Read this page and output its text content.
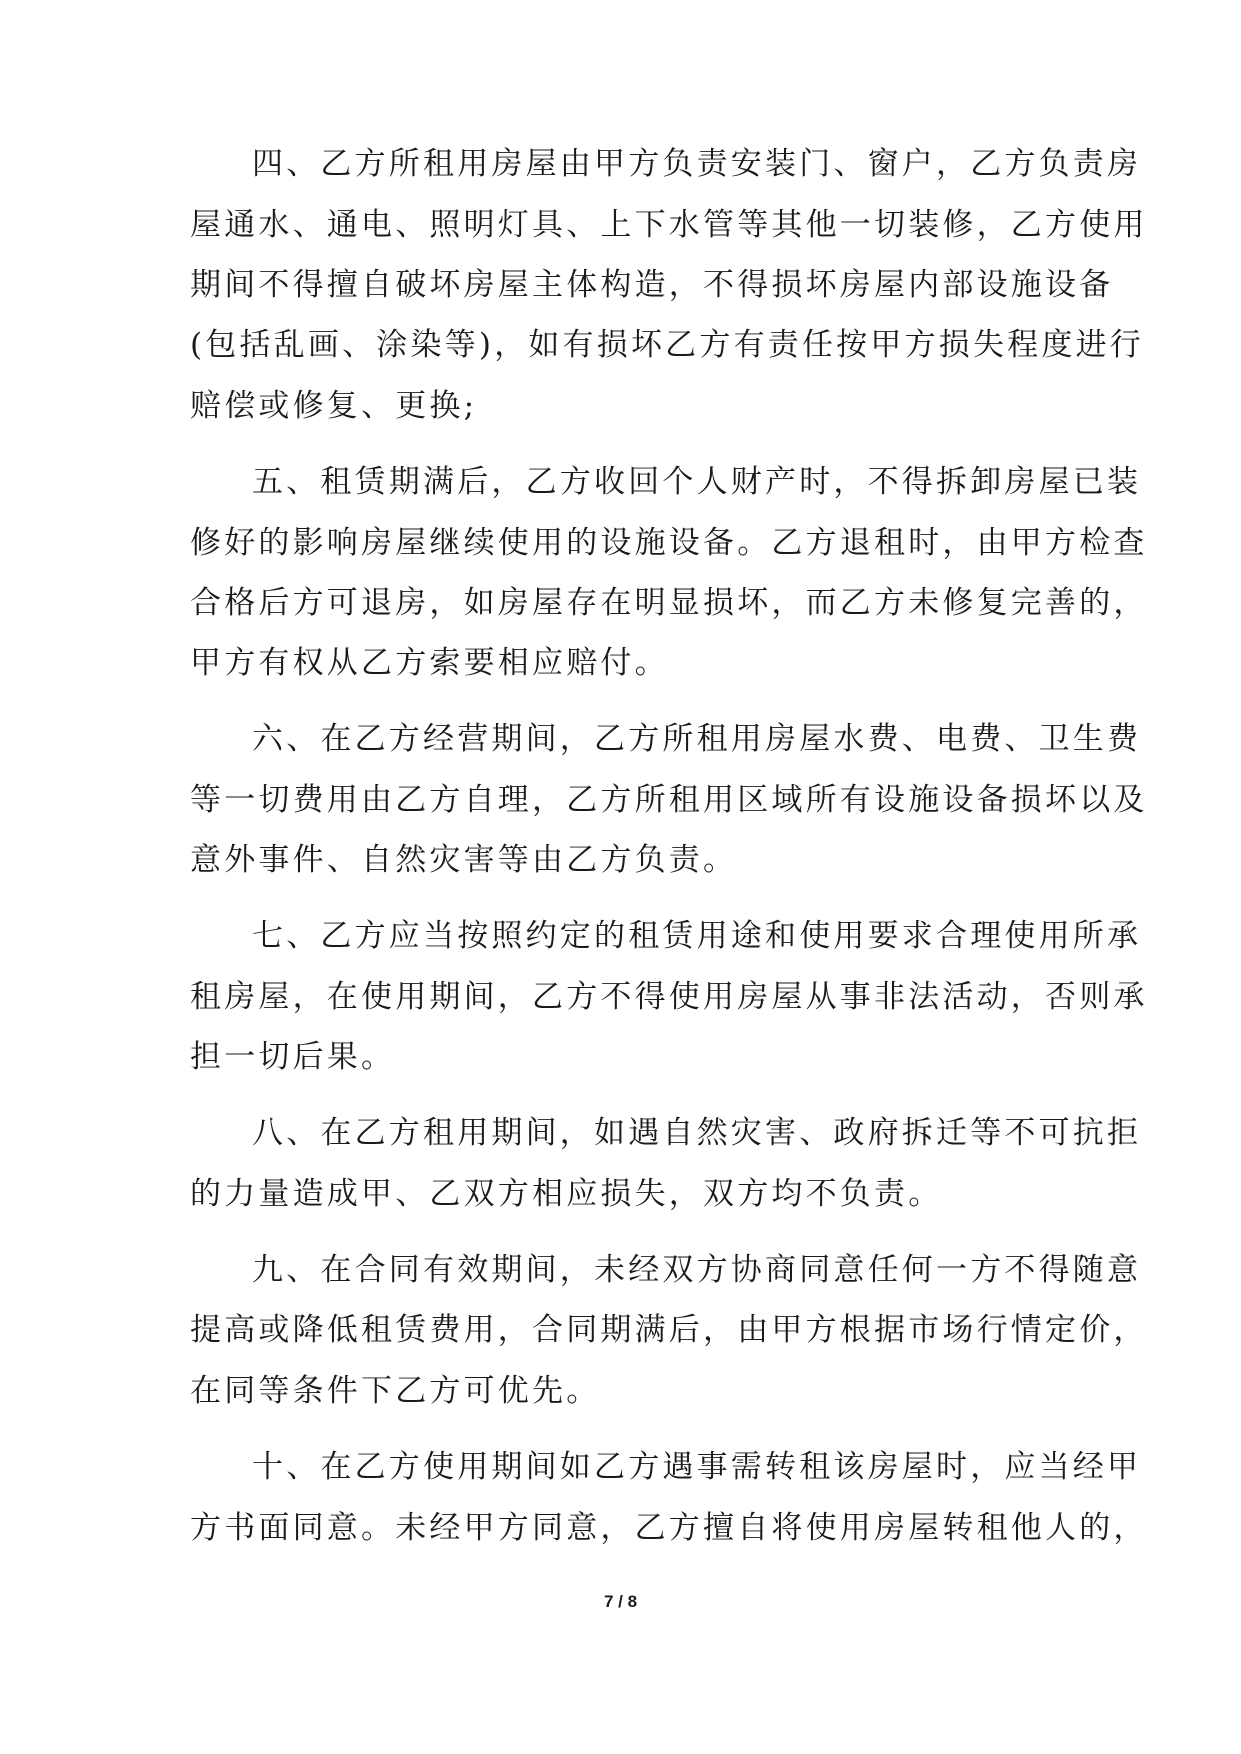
四、乙方所租用房屋由甲方负责安装门、窗户，乙方负责房

屋通水、通电、照明灯具、上下水管等其他一切装修，乙方使用

期间不得擅自破坏房屋主体构造，不得损坏房屋内部设施设备

(包括乱画、涂染等)，如有损坏乙方有责任按甲方损失程度进行

赔偿或修复、更换;

五、租赁期满后，乙方收回个人财产时，不得拆卸房屋已装

修好的影响房屋继续使用的设施设备。乙方退租时，由甲方检查

合格后方可退房，如房屋存在明显损坏，而乙方未修复完善的，

甲方有权从乙方索要相应赔付。

六、在乙方经营期间，乙方所租用房屋水费、电费、卫生费

等一切费用由乙方自理，乙方所租用区域所有设施设备损坏以及

意外事件、自然灾害等由乙方负责。

七、乙方应当按照约定的租赁用途和使用要求合理使用所承

租房屋，在使用期间，乙方不得使用房屋从事非法活动，否则承

担一切后果。

八、在乙方租用期间，如遇自然灾害、政府拆迁等不可抗拒

的力量造成甲、乙双方相应损失，双方均不负责。

九、在合同有效期间，未经双方协商同意任何一方不得随意

提高或降低租赁费用，合同期满后，由甲方根据市场行情定价，

在同等条件下乙方可优先。

十、在乙方使用期间如乙方遇事需转租该房屋时，应当经甲

方书面同意。未经甲方同意，乙方擅自将使用房屋转租他人的，

7 / 8
